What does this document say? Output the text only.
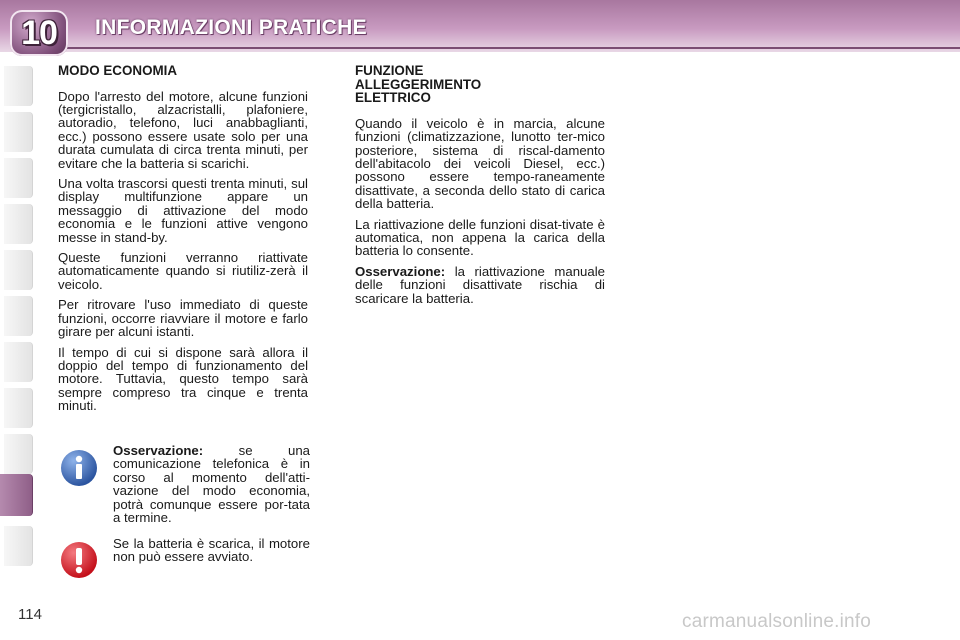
10 INFORMAZIONI PRATICHE
MODO ECONOMIA

Dopo l'arresto del motore, alcune funzioni (tergicristallo, alzacristalli, plafoniere, autoradio, telefono, luci anabbaglianti, ecc.) possono essere usate solo per una durata cumulata di circa trenta minuti, per evitare che la batteria si scarichi.

Una volta trascorsi questi trenta minuti, sul display multifunzione appare un messaggio di attivazione del modo economia e le funzioni attive vengono messe in stand-by.

Queste funzioni verranno riattivate automaticamente quando si riutiliz-zerà il veicolo.

Per ritrovare l'uso immediato di queste funzioni, occorre riavviare il motore e farlo girare per alcuni istanti.

Il tempo di cui si dispone sarà allora il doppio del tempo di funzionamento del motore. Tuttavia, questo tempo sarà sempre compreso tra cinque e trenta minuti.

Osservazione: se una comunicazione telefonica è in corso al momento dell'atti-vazione del modo economia, potrà comunque essere por-tata a termine.

Se la batteria è scarica, il motore non può essere avviato.

FUNZIONE
ALLEGGERIMENTO
ELETTRICO

Quando il veicolo è in marcia, alcune funzioni (climatizzazione, lunotto ter-mico posteriore, sistema di riscal-damento dell'abitacolo dei veicoli Diesel, ecc.) possono essere tempo-raneamente disattivate, a seconda dello stato di carica della batteria.

La riattivazione delle funzioni disat-tivate è automatica, non appena la carica della batteria lo consente.

Osservazione: la riattivazione manuale delle funzioni disattivate rischia di scaricare la batteria.

114	carmanualsonline.info
